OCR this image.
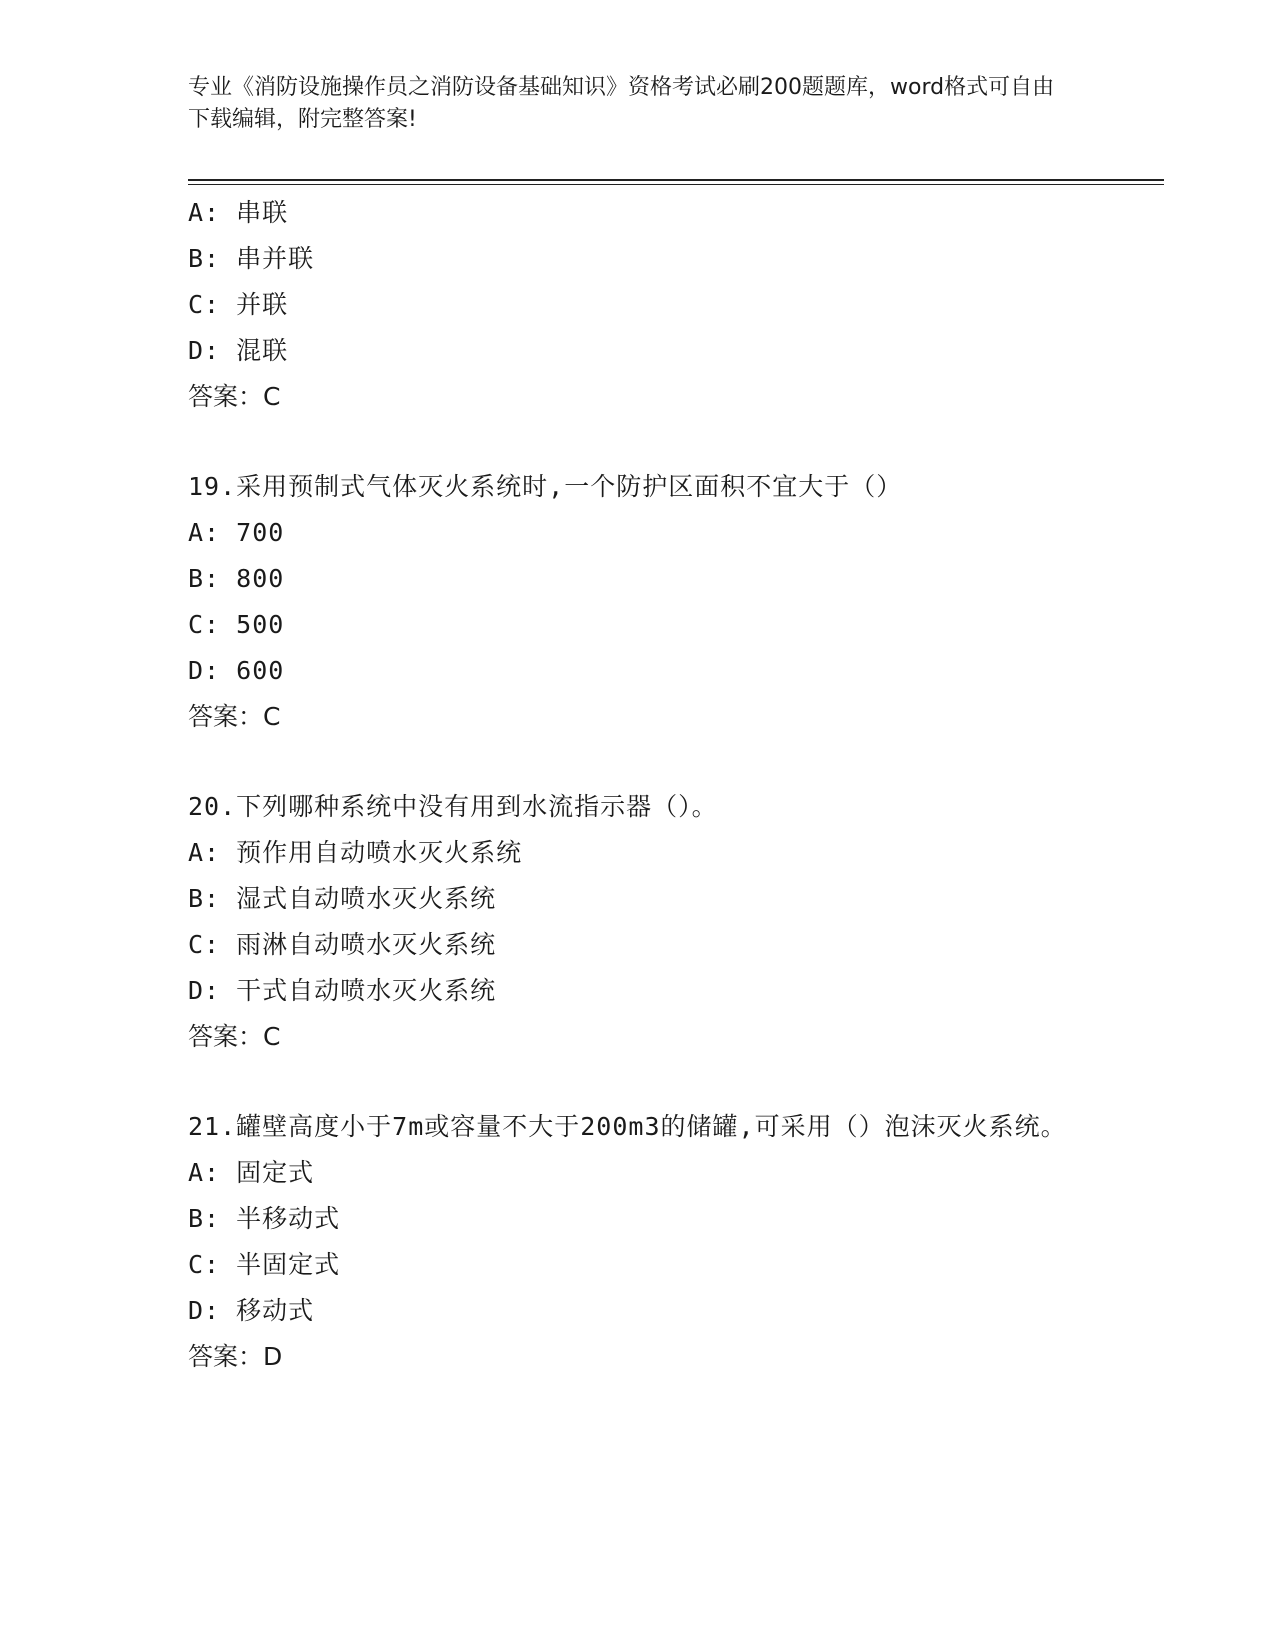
专业《消防设施操作员之消防设备基础知识》资格考试必刷200题题库，word格式可自由下载编辑，附完整答案!
A: 串联
B: 串并联
C: 并联
D: 混联
答案：C
19.采用预制式气体灭火系统时,一个防护区面积不宜大于（）
A: 700
B: 800
C: 500
D: 600
答案：C
20.下列哪种系统中没有用到水流指示器（）。
A: 预作用自动喷水灭火系统
B: 湿式自动喷水灭火系统
C: 雨淋自动喷水灭火系统
D: 干式自动喷水灭火系统
答案：C
21.罐壁高度小于7m或容量不大于200m3的储罐,可采用（）泡沫灭火系统。
A: 固定式
B: 半移动式
C: 半固定式
D: 移动式
答案：D
